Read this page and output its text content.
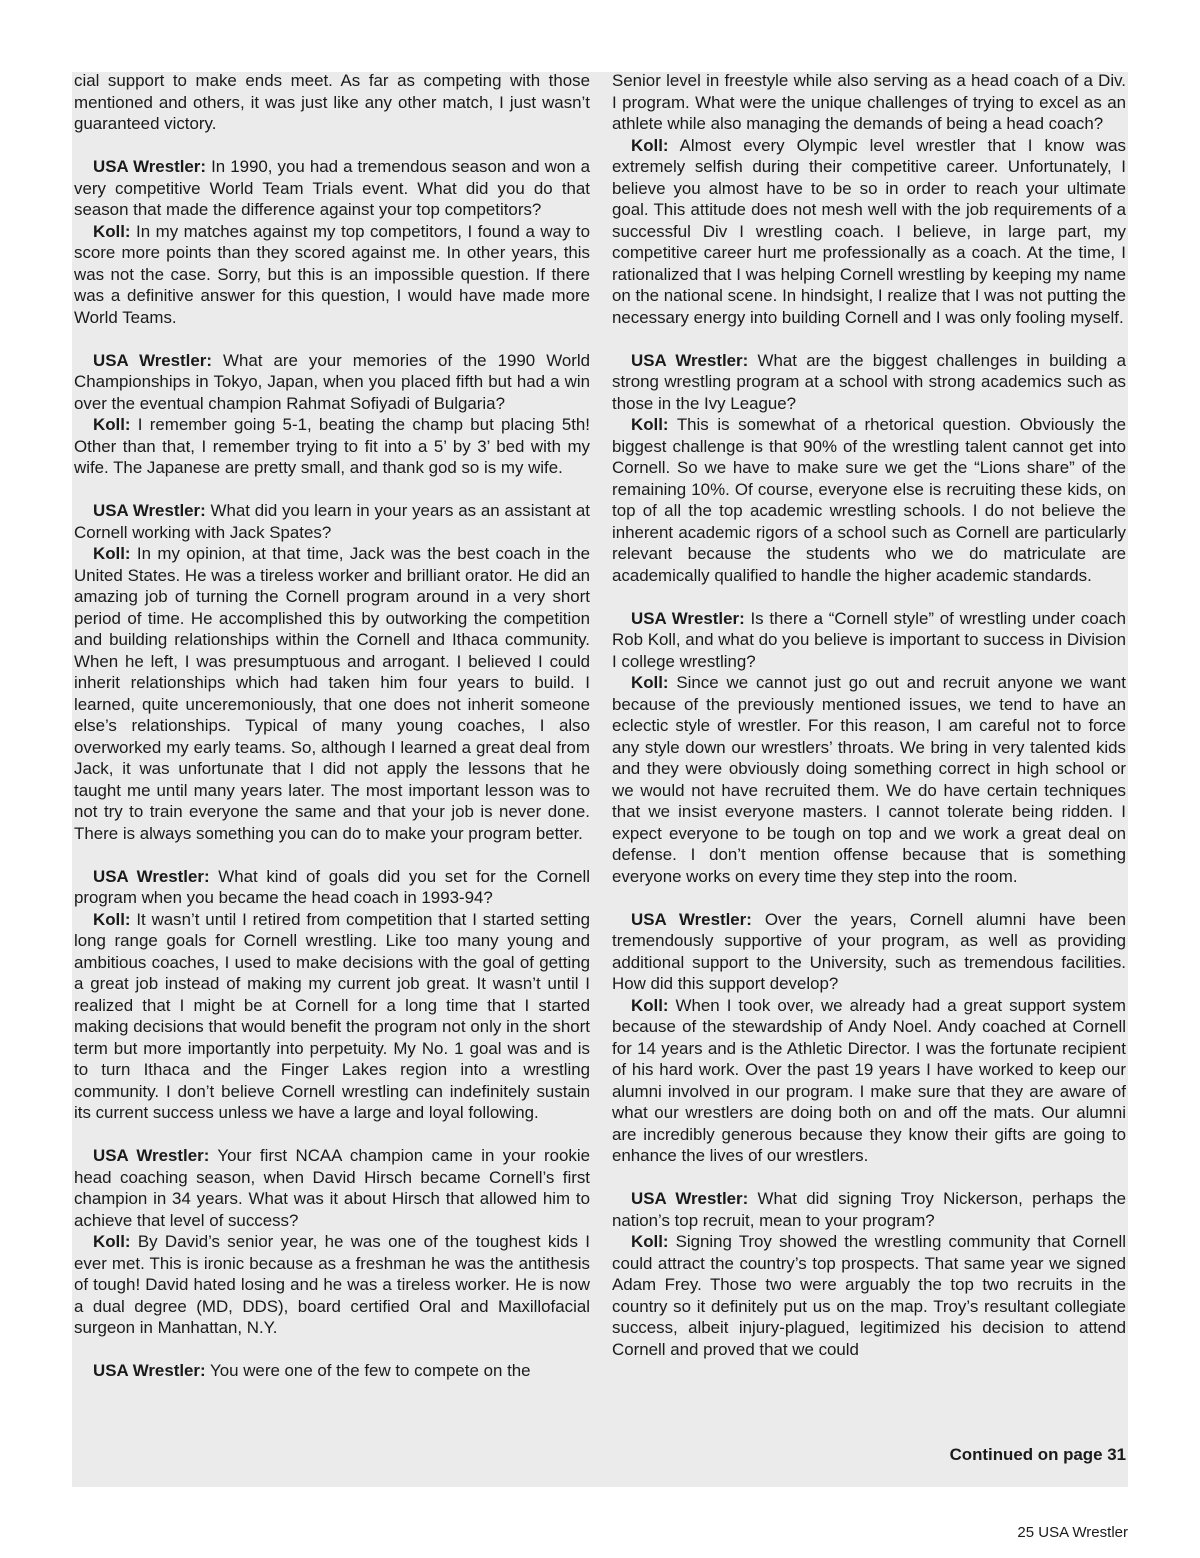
cial support to make ends meet. As far as competing with those mentioned and others, it was just like any other match, I just wasn’t guaranteed victory.

USA Wrestler: In 1990, you had a tremendous season and won a very competitive World Team Trials event. What did you do that season that made the difference against your top competitors?

Koll: In my matches against my top competitors, I found a way to score more points than they scored against me. In other years, this was not the case. Sorry, but this is an impossible question. If there was a definitive answer for this question, I would have made more World Teams.

USA Wrestler: What are your memories of the 1990 World Championships in Tokyo, Japan, when you placed fifth but had a win over the eventual champion Rahmat Sofiyadi of Bulgaria?

Koll: I remember going 5-1, beating the champ but placing 5th! Other than that, I remember trying to fit into a 5’ by 3’ bed with my wife. The Japanese are pretty small, and thank god so is my wife.

USA Wrestler: What did you learn in your years as an assistant at Cornell working with Jack Spates?

Koll: In my opinion, at that time, Jack was the best coach in the United States. He was a tireless worker and brilliant orator. He did an amazing job of turning the Cornell program around in a very short period of time. He accomplished this by outworking the competition and building relationships within the Cornell and Ithaca community. When he left, I was presumptuous and arrogant. I believed I could inherit relationships which had taken him four years to build. I learned, quite unceremoniously, that one does not inherit someone else’s relationships. Typical of many young coaches, I also overworked my early teams. So, although I learned a great deal from Jack, it was unfortunate that I did not apply the lessons that he taught me until many years later. The most important lesson was to not try to train everyone the same and that your job is never done. There is always something you can do to make your program better.

USA Wrestler: What kind of goals did you set for the Cornell program when you became the head coach in 1993-94?

Koll: It wasn’t until I retired from competition that I started setting long range goals for Cornell wrestling. Like too many young and ambitious coaches, I used to make decisions with the goal of getting a great job instead of making my current job great. It wasn’t until I realized that I might be at Cornell for a long time that I started making decisions that would benefit the program not only in the short term but more importantly into perpetuity. My No. 1 goal was and is to turn Ithaca and the Finger Lakes region into a wrestling community. I don’t believe Cornell wrestling can indefinitely sustain its current success unless we have a large and loyal following.

USA Wrestler: Your first NCAA champion came in your rookie head coaching season, when David Hirsch became Cornell’s first champion in 34 years. What was it about Hirsch that allowed him to achieve that level of success?

Koll: By David’s senior year, he was one of the toughest kids I ever met. This is ironic because as a freshman he was the antithesis of tough! David hated losing and he was a tireless worker. He is now a dual degree (MD, DDS), board certified Oral and Maxillofacial surgeon in Manhattan, N.Y.

USA Wrestler: You were one of the few to compete on the

Senior level in freestyle while also serving as a head coach of a Div. I program. What were the unique challenges of trying to excel as an athlete while also managing the demands of being a head coach?

Koll: Almost every Olympic level wrestler that I know was extremely selfish during their competitive career. Unfortunately, I believe you almost have to be so in order to reach your ultimate goal. This attitude does not mesh well with the job requirements of a successful Div I wrestling coach. I believe, in large part, my competitive career hurt me professionally as a coach. At the time, I rationalized that I was helping Cornell wrestling by keeping my name on the national scene. In hindsight, I realize that I was not putting the necessary energy into building Cornell and I was only fooling myself.

USA Wrestler: What are the biggest challenges in building a strong wrestling program at a school with strong academics such as those in the Ivy League?

Koll: This is somewhat of a rhetorical question. Obviously the biggest challenge is that 90% of the wrestling talent cannot get into Cornell. So we have to make sure we get the “Lions share” of the remaining 10%. Of course, everyone else is recruiting these kids, on top of all the top academic wrestling schools. I do not believe the inherent academic rigors of a school such as Cornell are particularly relevant because the students who we do matriculate are academically qualified to handle the higher academic standards.

USA Wrestler: Is there a “Cornell style” of wrestling under coach Rob Koll, and what do you believe is important to success in Division I college wrestling?

Koll: Since we cannot just go out and recruit anyone we want because of the previously mentioned issues, we tend to have an eclectic style of wrestler. For this reason, I am careful not to force any style down our wrestlers’ throats. We bring in very talented kids and they were obviously doing something correct in high school or we would not have recruited them. We do have certain techniques that we insist everyone masters. I cannot tolerate being ridden. I expect everyone to be tough on top and we work a great deal on defense. I don’t mention offense because that is something everyone works on every time they step into the room.

USA Wrestler: Over the years, Cornell alumni have been tremendously supportive of your program, as well as providing additional support to the University, such as tremendous facilities. How did this support develop?

Koll: When I took over, we already had a great support system because of the stewardship of Andy Noel. Andy coached at Cornell for 14 years and is the Athletic Director. I was the fortunate recipient of his hard work. Over the past 19 years I have worked to keep our alumni involved in our program. I make sure that they are aware of what our wrestlers are doing both on and off the mats. Our alumni are incredibly generous because they know their gifts are going to enhance the lives of our wrestlers.

USA Wrestler: What did signing Troy Nickerson, perhaps the nation’s top recruit, mean to your program?

Koll: Signing Troy showed the wrestling community that Cornell could attract the country’s top prospects. That same year we signed Adam Frey. Those two were arguably the top two recruits in the country so it definitely put us on the map. Troy’s resultant collegiate success, albeit injury-plagued, legitimized his decision to attend Cornell and proved that we could

Continued on page 31
25 USA Wrestler
